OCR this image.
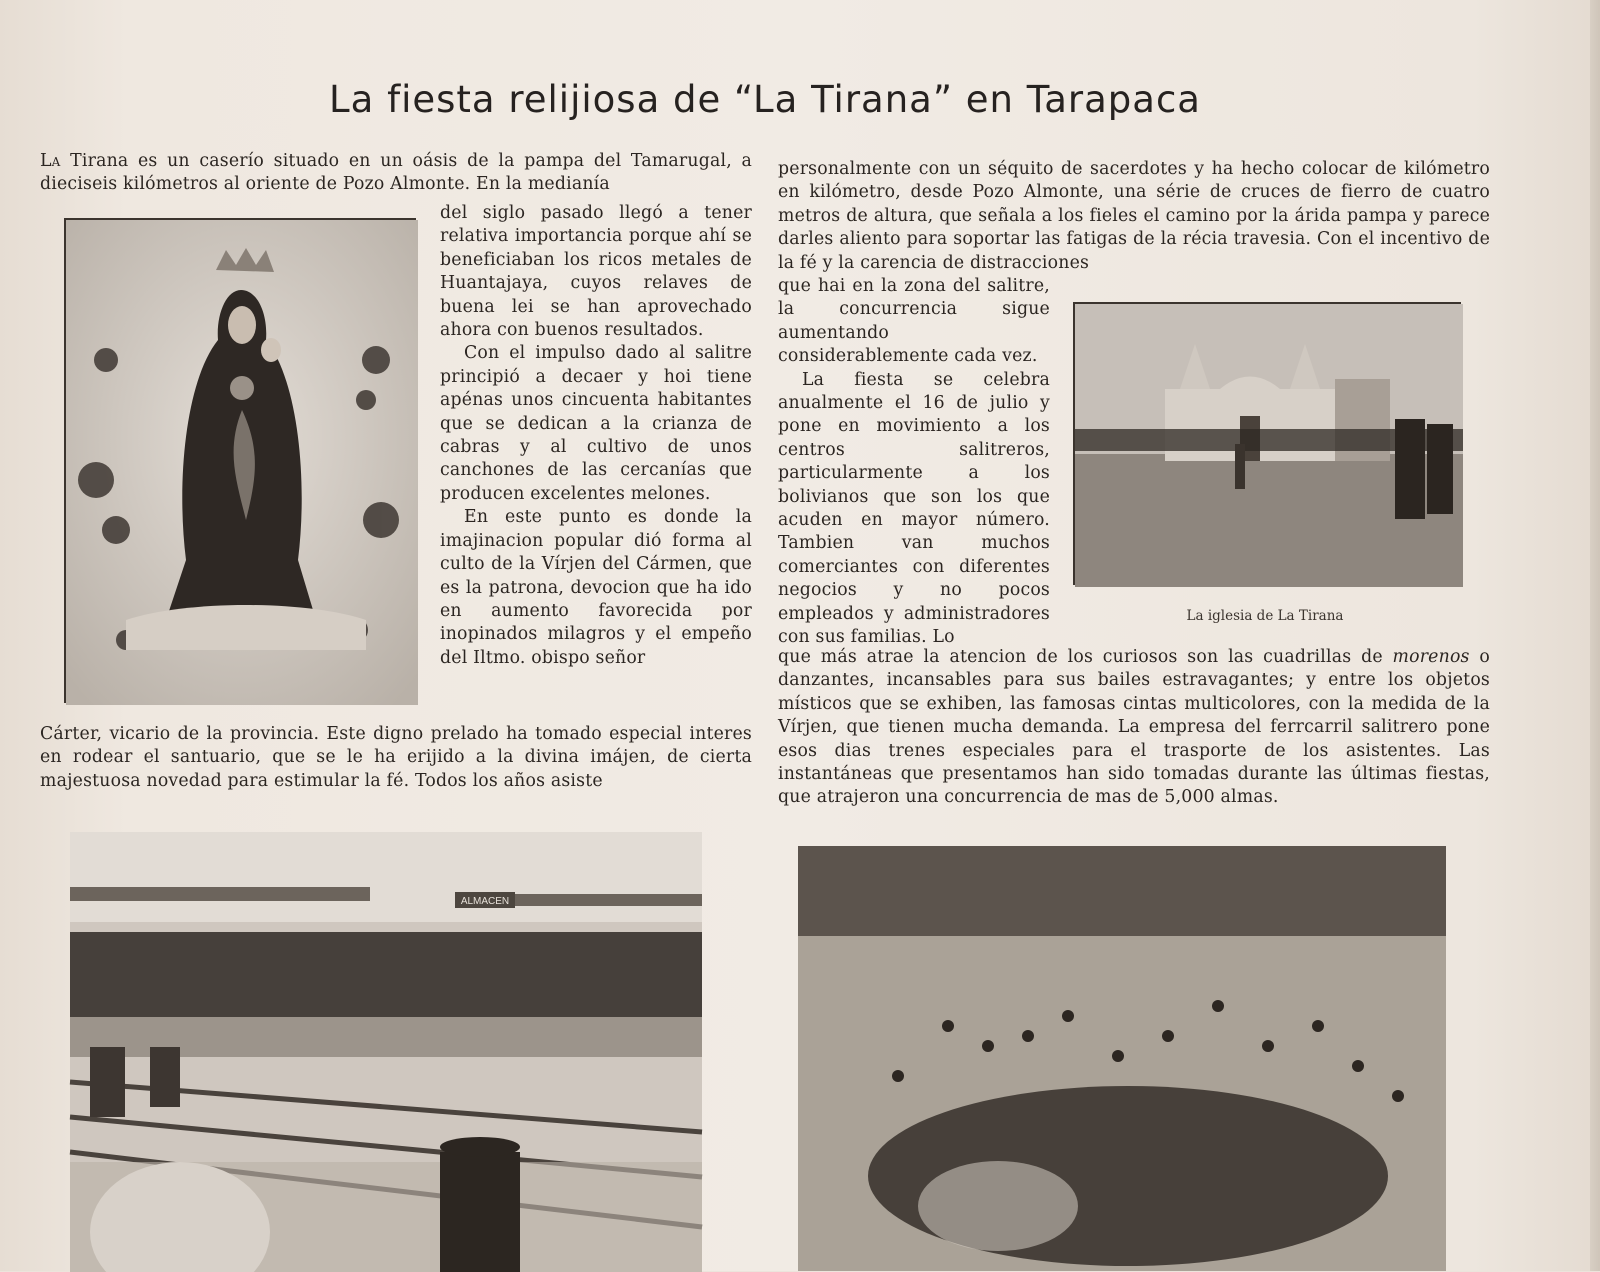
La fiesta relijiosa de “La Tirana” en Tarapaca

La Tirana es un caserío situado en un oásis de la pampa del Tamarugal, a dieciseis kilómetros al oriente de Pozo Almonte. En la medianía

del siglo pasado llegó a tener relativa importancia porque ahí se beneficiaban los ricos metales de Huantajaya, cuyos relaves de buena lei se han aprovechado ahora con buenos resultados.

Con el impulso dado al salitre principió a decaer y hoi tiene apénas unos cincuenta habitantes que se dedican a la crianza de cabras y al cultivo de unos canchones de las cercanías que producen excelentes melones.

En este punto es donde la imajinacion popular dió forma al culto de la Vírjen del Cármen, que es la patrona, devocion que ha ido en aumento favorecida por inopinados milagros y el empeño del Iltmo. obispo señor

Cárter, vicario de la provincia. Este digno prelado ha tomado especial interes en rodear el santuario, que se le ha erijido a la divina imájen, de cierta majestuosa novedad para estimular la fé. Todos los años asiste

personalmente con un séquito de sacerdotes y ha hecho colocar de kilómetro en kilómetro, desde Pozo Almonte, una série de cruces de fierro de cuatro metros de altura, que señala a los fieles el camino por la árida pampa y parece darles aliento para soportar las fatigas de la récia travesia. Con el incentivo de la fé y la carencia de distracciones

que hai en la zona del salitre, la concurrencia sigue aumentando considerablemente cada vez.

La fiesta se celebra anualmente el 16 de julio y pone en movimiento a los centros salitreros, particularmente a los bolivianos que son los que acuden en mayor número. Tambien van muchos comerciantes con diferentes negocios y no pocos empleados y administradores con sus familias. Lo

que más atrae la atencion de los curiosos son las cuadrillas de morenos o danzantes, incansables para sus bailes estravagantes; y entre los objetos místicos que se exhiben, las famosas cintas multicolores, con la medida de la Vírjen, que tienen mucha demanda. La empresa del ferrcarril salitrero pone esos dias trenes especiales para el trasporte de los asistentes. Las instantáneas que presentamos han sido tomadas durante las últimas fiestas, que atrajeron una concurrencia de mas de 5,000 almas.

La iglesia de La Tirana
ALMACEN
